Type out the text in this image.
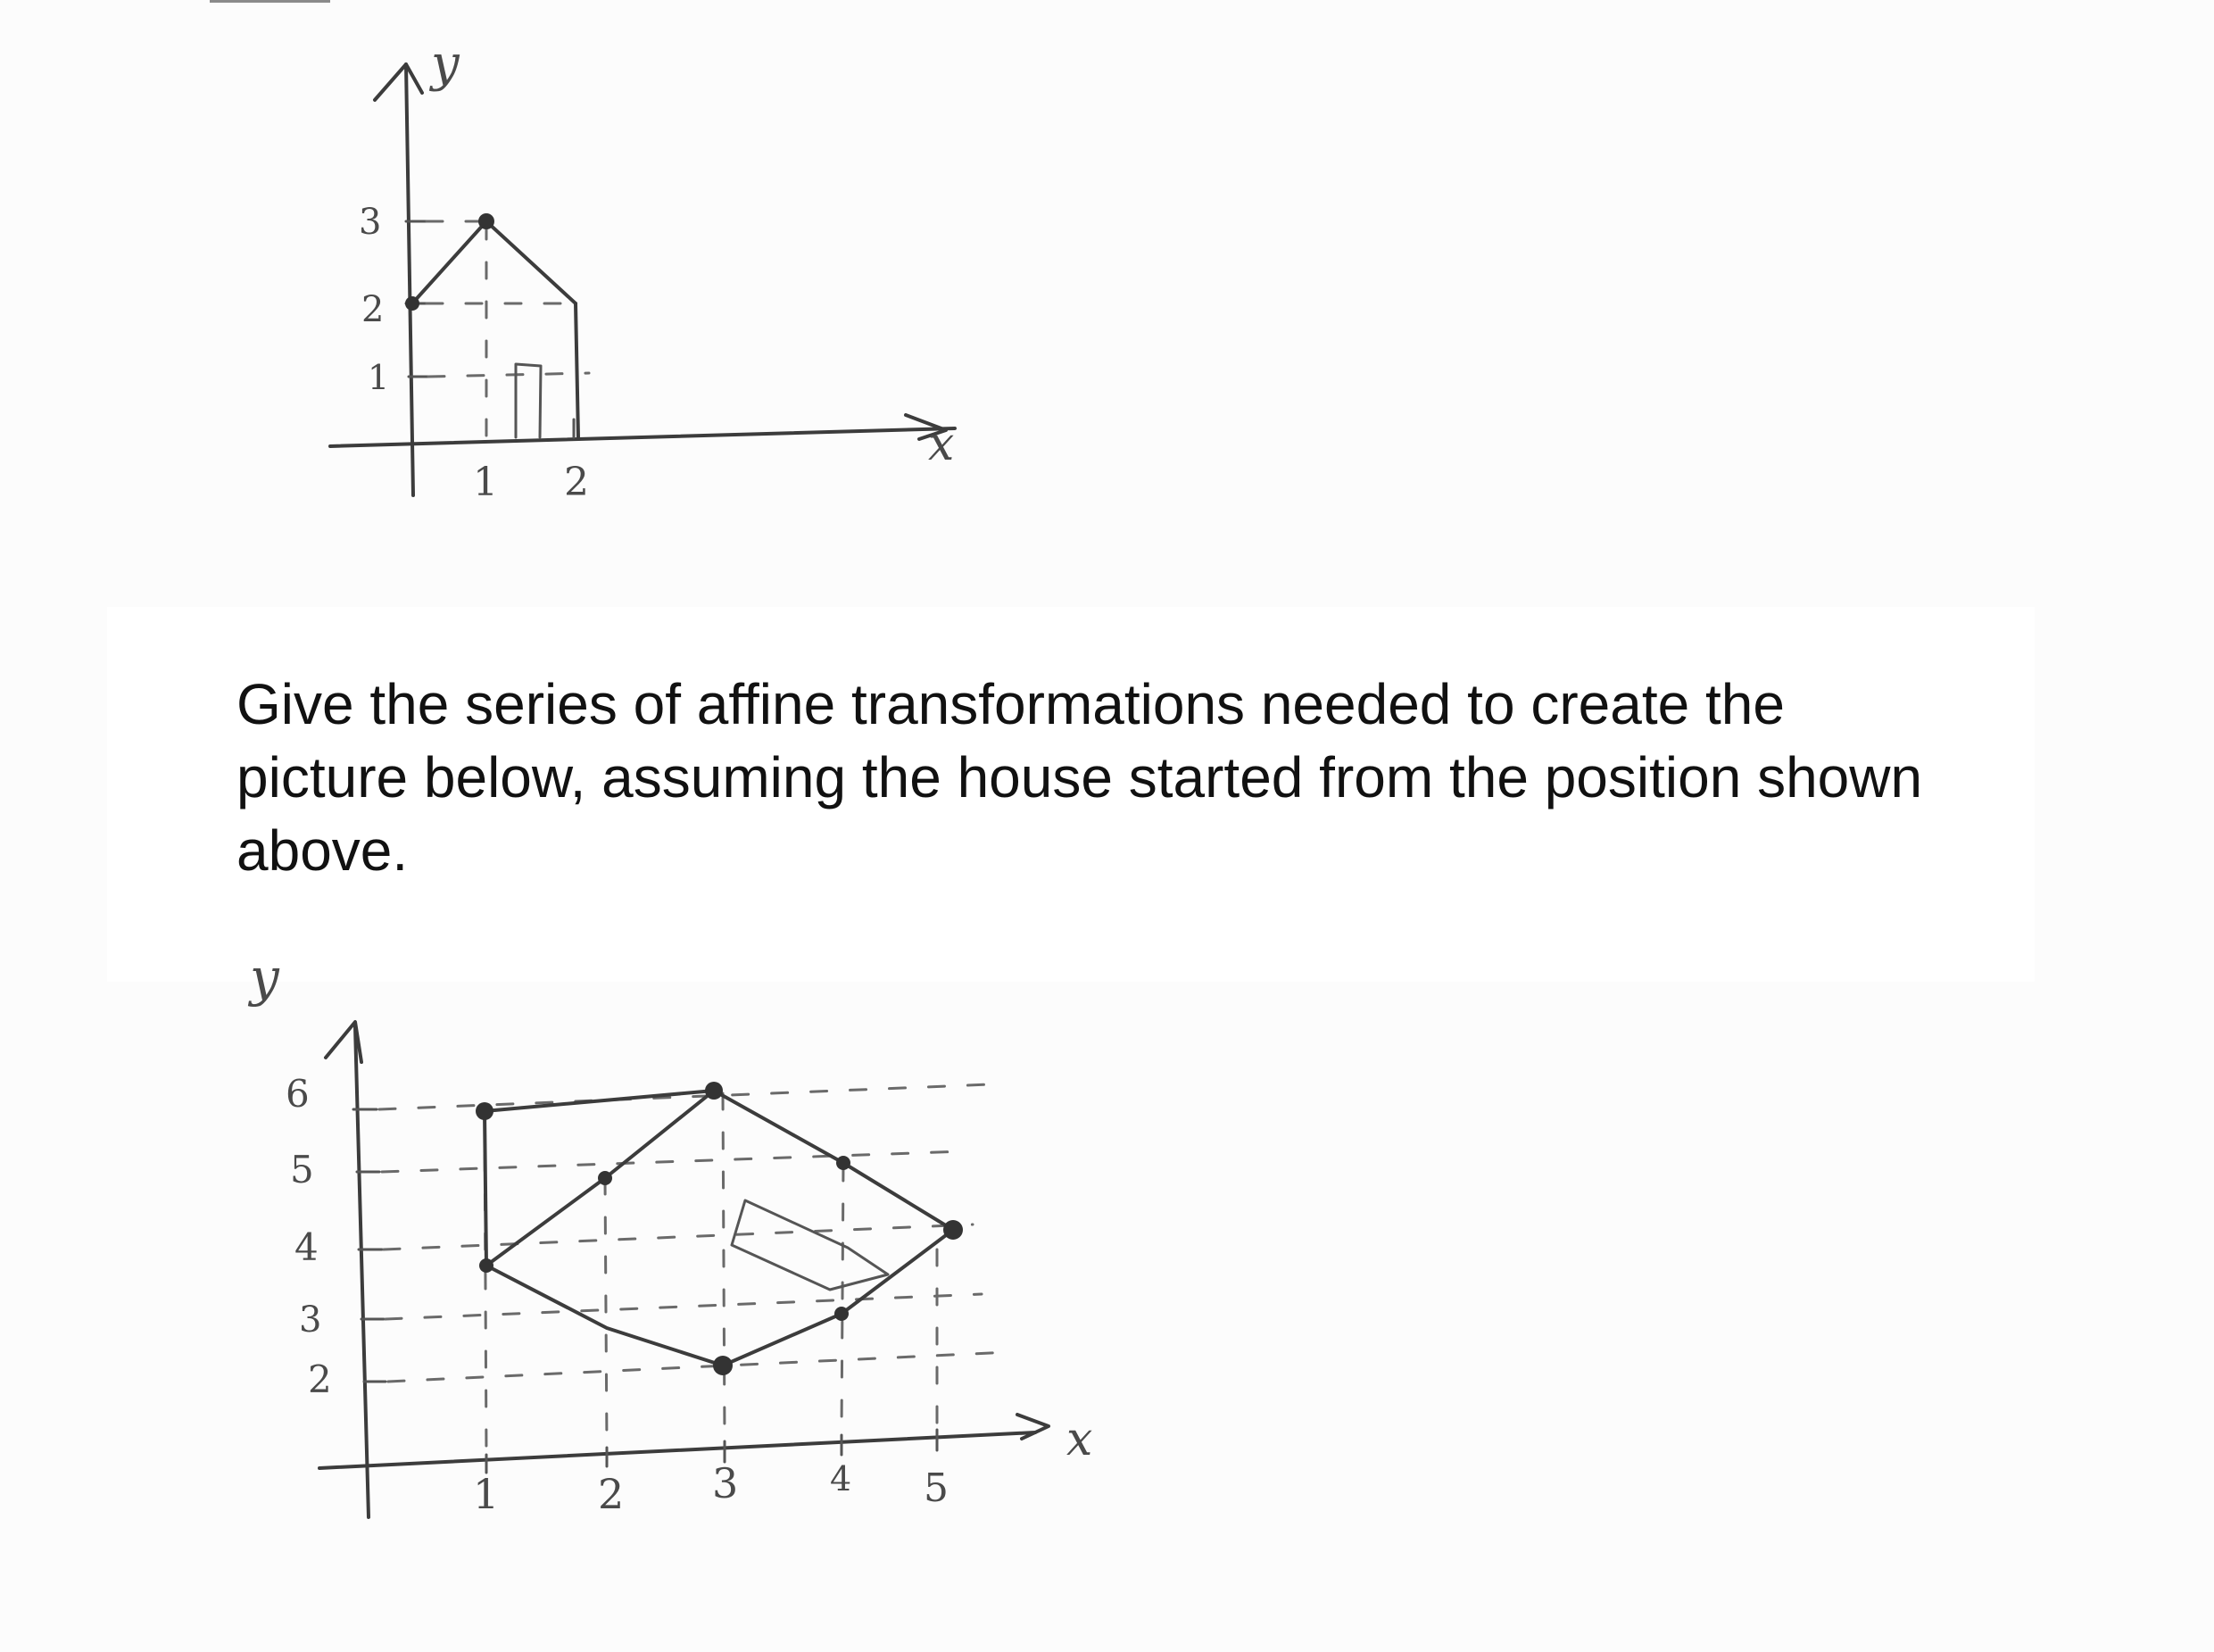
Give the series of affine transformations needed to create the
picture below, assuming the house started from the position shown
above.

y
x
3
2
1
1 2
y
x
6
5
4
3
2
1 2 3	4 5
